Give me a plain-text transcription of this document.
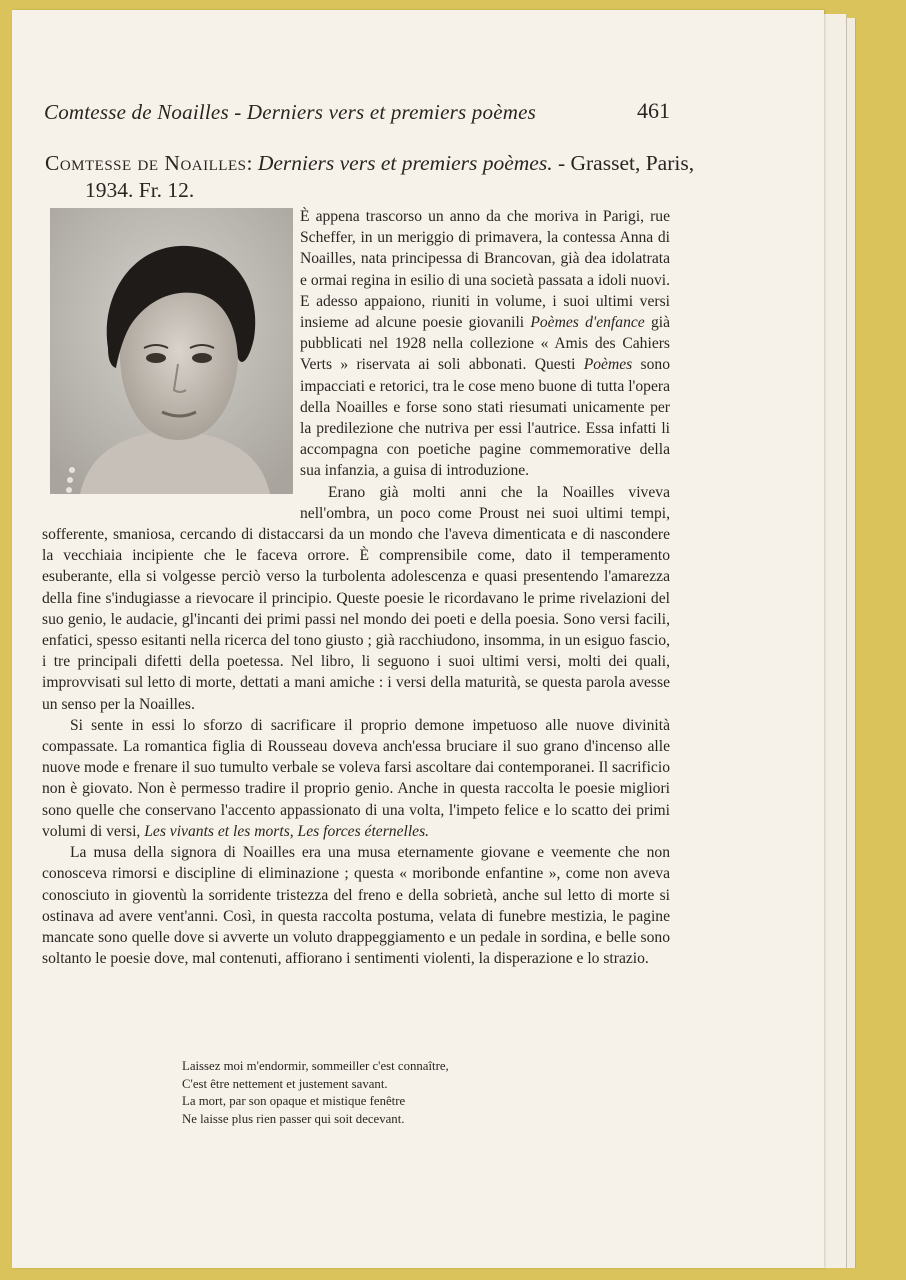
Comtesse de Noailles - Derniers vers et premiers poèmes	461
Comtesse de Noailles: Derniers vers et premiers poèmes. - Grasset, Paris, 1934. Fr. 12.

È appena trascorso un anno da che moriva in Parigi, rue Scheffer, in un meriggio di primavera, la contessa Anna di Noailles, nata principessa di Brancovan, già dea idolatrata e ormai regina in esilio di una società passata a idoli nuovi. E adesso appaiono, riuniti in volume, i suoi ultimi versi insieme ad alcune poesie giovanili Poèmes d'enfance già pubblicati nel 1928 nella collezione « Amis des Cahiers Verts » riservata ai soli abbonati. Questi Poèmes sono impacciati e retorici, tra le cose meno buone di tutta l'opera della Noailles e forse sono stati riesumati unicamente per la predilezione che nutriva per essi l'autrice. Essa infatti li accompagna con poetiche pagine commemorative della sua infanzia, a guisa di introduzione.

Erano già molti anni che la Noailles viveva nell'ombra, un poco come Proust nei suoi ultimi tempi, sofferente, smaniosa, cercando di distaccarsi da un mondo che l'aveva dimenticata e di nascondere la vecchiaia incipiente che le faceva orrore. È comprensibile come, dato il temperamento esuberante, ella si volgesse perciò verso la turbolenta adolescenza e quasi presentendo l'amarezza della fine s'indugiasse a rievocare il principio. Queste poesie le ricordavano le prime rivelazioni del suo genio, le audacie, gl'incanti dei primi passi nel mondo dei poeti e della poesia. Sono versi facili, enfatici, spesso esitanti nella ricerca del tono giusto ; già racchiudono, insomma, in un esiguo fascio, i tre principali difetti della poetessa. Nel libro, li seguono i suoi ultimi versi, molti dei quali, improvvisati sul letto di morte, dettati a mani amiche : i versi della maturità, se questa parola avesse un senso per la Noailles.

Si sente in essi lo sforzo di sacrificare il proprio demone impetuoso alle nuove divinità compassate. La romantica figlia di Rousseau doveva anch'essa bruciare il suo grano d'incenso alle nuove mode e frenare il suo tumulto verbale se voleva farsi ascoltare dai contemporanei. Il sacrificio non è giovato. Non è permesso tradire il proprio genio. Anche in questa raccolta le poesie migliori sono quelle che conservano l'accento appassionato di una volta, l'impeto felice e lo scatto dei primi volumi di versi, Les vivants et les morts, Les forces éternelles.

La musa della signora di Noailles era una musa eternamente giovane e veemente che non conosceva rimorsi e discipline di eliminazione ; questa « moribonde enfantine », come non aveva conosciuto in gioventù la sorridente tristezza del freno e della sobrietà, anche sul letto di morte si ostinava ad avere vent'anni. Così, in questa raccolta postuma, velata di funebre mestizia, le pagine mancate sono quelle dove si avverte un voluto drappeggiamento e un pedale in sordina, e belle sono soltanto le poesie dove, mal contenuti, affiorano i sentimenti violenti, la disperazione e lo strazio.

Laissez moi m'endormir, sommeiller c'est connaître,
C'est être nettement et justement savant.
La mort, par son opaque et mistique fenêtre
Ne laisse plus rien passer qui soit decevant.
